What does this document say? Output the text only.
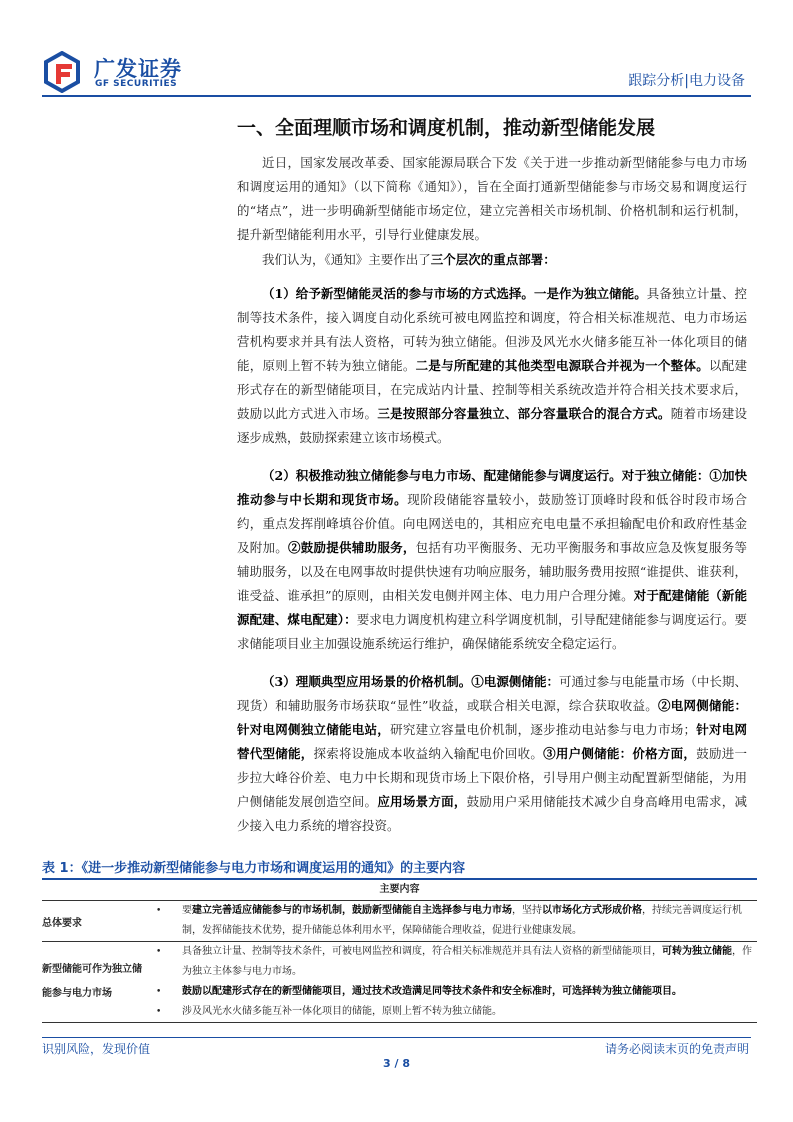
广发证券
GF SECURITIES	跟踪分析|电力设备
一、全面理顺市场和调度机制，推动新型储能发展

近日，国家发展改革委、国家能源局联合下发《关于进一步推动新型储能参与电力市场和调度运用的通知》（以下简称《通知》），旨在全面打通新型储能参与市场交易和调度运行的“堵点”，进一步明确新型储能市场定位，建立完善相关市场机制、价格机制和运行机制，提升新型储能利用水平，引导行业健康发展。

我们认为，《通知》主要作出了三个层次的重点部署：

（1）给予新型储能灵活的参与市场的方式选择。一是作为独立储能。具备独立计量、控制等技术条件，接入调度自动化系统可被电网监控和调度，符合相关标准规范、电力市场运营机构要求并具有法人资格，可转为独立储能。但涉及风光水火储多能互补一体化项目的储能，原则上暂不转为独立储能。二是与所配建的其他类型电源联合并视为一个整体。以配建形式存在的新型储能项目，在完成站内计量、控制等相关系统改造并符合相关技术要求后，鼓励以此方式进入市场。三是按照部分容量独立、部分容量联合的混合方式。随着市场建设逐步成熟，鼓励探索建立该市场模式。

（2）积极推动独立储能参与电力市场、配建储能参与调度运行。对于独立储能：①加快推动参与中长期和现货市场。现阶段储能容量较小，鼓励签订顶峰时段和低谷时段市场合约，重点发挥削峰填谷价值。向电网送电的，其相应充电电量不承担输配电价和政府性基金及附加。②鼓励提供辅助服务，包括有功平衡服务、无功平衡服务和事故应急及恢复服务等辅助服务，以及在电网事故时提供快速有功响应服务，辅助服务费用按照“谁提供、谁获利，谁受益、谁承担”的原则，由相关发电侧并网主体、电力用户合理分摊。对于配建储能（新能源配建、煤电配建）：要求电力调度机构建立科学调度机制，引导配建储能参与调度运行。要求储能项目业主加强设施系统运行维护，确保储能系统安全稳定运行。

（3）理顺典型应用场景的价格机制。①电源侧储能：可通过参与电能量市场（中长期、现货）和辅助服务市场获取“显性”收益，或联合相关电源，综合获取收益。②电网侧储能：针对电网侧独立储能电站，研究建立容量电价机制，逐步推动电站参与电力市场；针对电网替代型储能，探索将设施成本收益纳入输配电价回收。③用户侧储能：价格方面，鼓励进一步拉大峰谷价差、电力中长期和现货市场上下限价格，引导用户侧主动配置新型储能，为用户侧储能发展创造空间。应用场景方面，鼓励用户采用储能技术减少自身高峰用电需求，减少接入电力系统的增容投资。

表 1：《进一步推动新型储能参与电力市场和调度运用的通知》的主要内容
主要内容
总体要求
• 要建立完善适应储能参与的市场机制，鼓励新型储能自主选择参与电力市场，坚持以市场化方式形成价格，持续完善调度运行机制，发挥储能技术优势，提升储能总体利用水平，保障储能合理收益，促进行业健康发展。
新型储能可作为独立储能参与电力市场
• 具备独立计量、控制等技术条件，可被电网监控和调度，符合相关标准规范并具有法人资格的新型储能项目，可转为独立储能，作为独立主体参与电力市场。
• 鼓励以配建形式存在的新型储能项目，通过技术改造满足同等技术条件和安全标准时，可选择转为独立储能项目。
• 涉及风光水火储多能互补一体化项目的储能，原则上暂不转为独立储能。
识别风险，发现价值	请务必阅读末页的免责声明
3 / 8
